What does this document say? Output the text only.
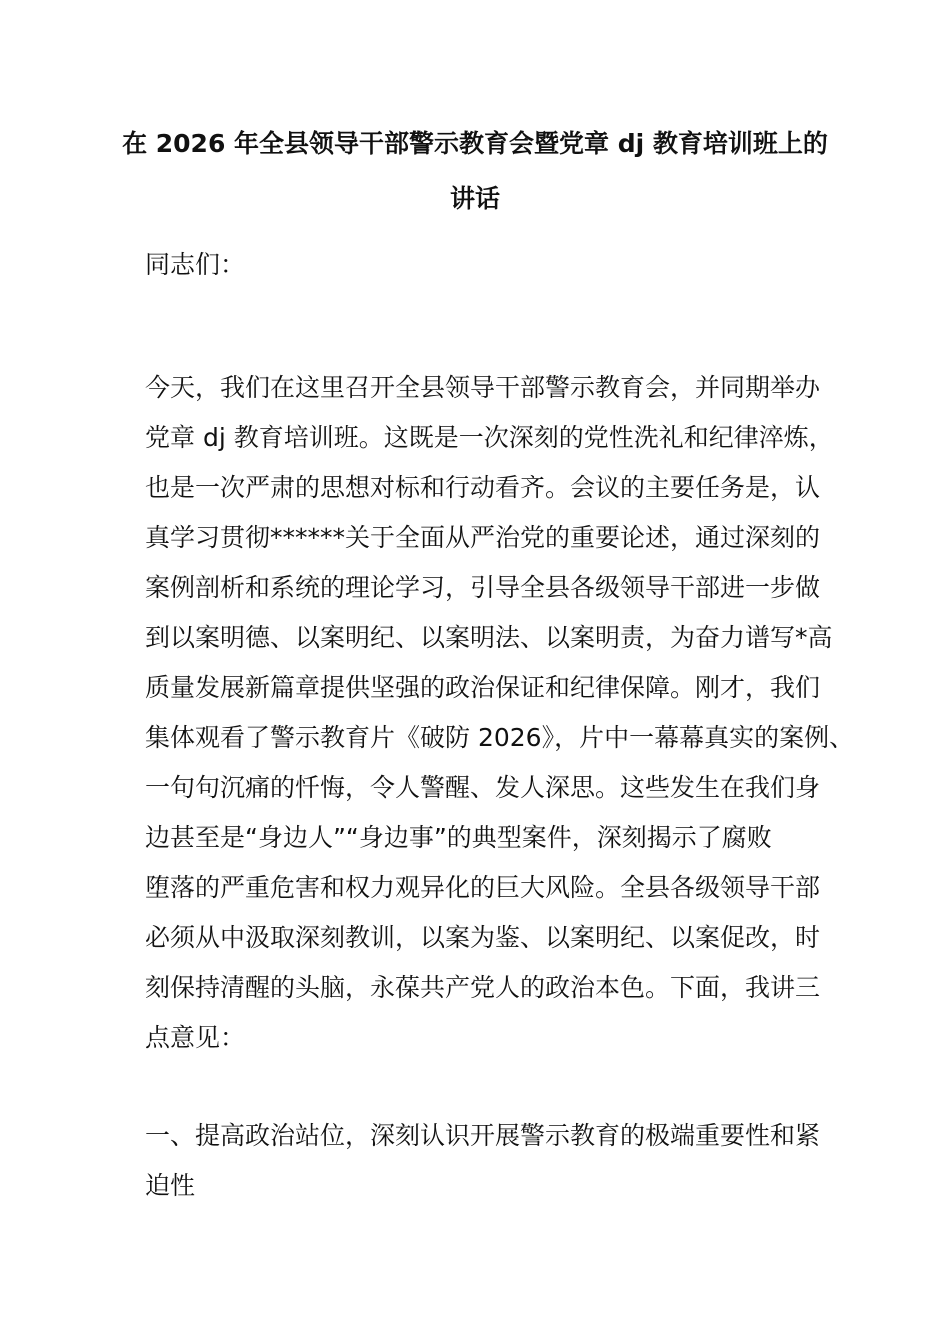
在 2026 年全县领导干部警示教育会暨党章 dj 教育培训班上的
讲话
同志们：
今天，我们在这里召开全县领导干部警示教育会，并同期举办
党章 dj 教育培训班。这既是一次深刻的党性洗礼和纪律淬炼，
也是一次严肃的思想对标和行动看齐。会议的主要任务是，认
真学习贯彻******关于全面从严治党的重要论述，通过深刻的
案例剖析和系统的理论学习，引导全县各级领导干部进一步做
到以案明德、以案明纪、以案明法、以案明责，为奋力谱写*高
质量发展新篇章提供坚强的政治保证和纪律保障。刚才，我们
集体观看了警示教育片《破防 2026》，片中一幕幕真实的案例、
一句句沉痛的忏悔，令人警醒、发人深思。这些发生在我们身
边甚至是“身边人”“身边事”的典型案件，深刻揭示了腐败
堕落的严重危害和权力观异化的巨大风险。全县各级领导干部
必须从中汲取深刻教训，以案为鉴、以案明纪、以案促改，时
刻保持清醒的头脑，永葆共产党人的政治本色。下面，我讲三
点意见：
一、提高政治站位，深刻认识开展警示教育的极端重要性和紧
迫性
